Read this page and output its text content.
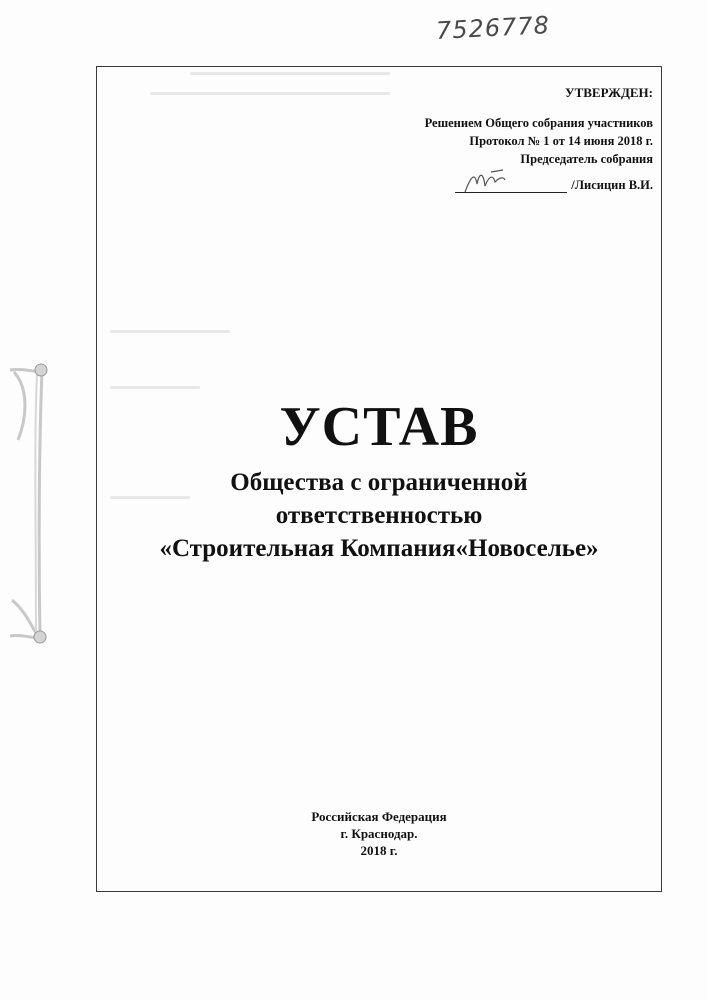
7526778
УТВЕРЖДЕН:
Решением Общего собрания участников
Протокол № 1 от 14 июня 2018 г.
Председатель собрания
/Лисицин В.И.
УСТАВ
Общества с ограниченной
ответственностью
«Строительная Компания«Новоселье»
Российская Федерация
г. Краснодар.
2018 г.
